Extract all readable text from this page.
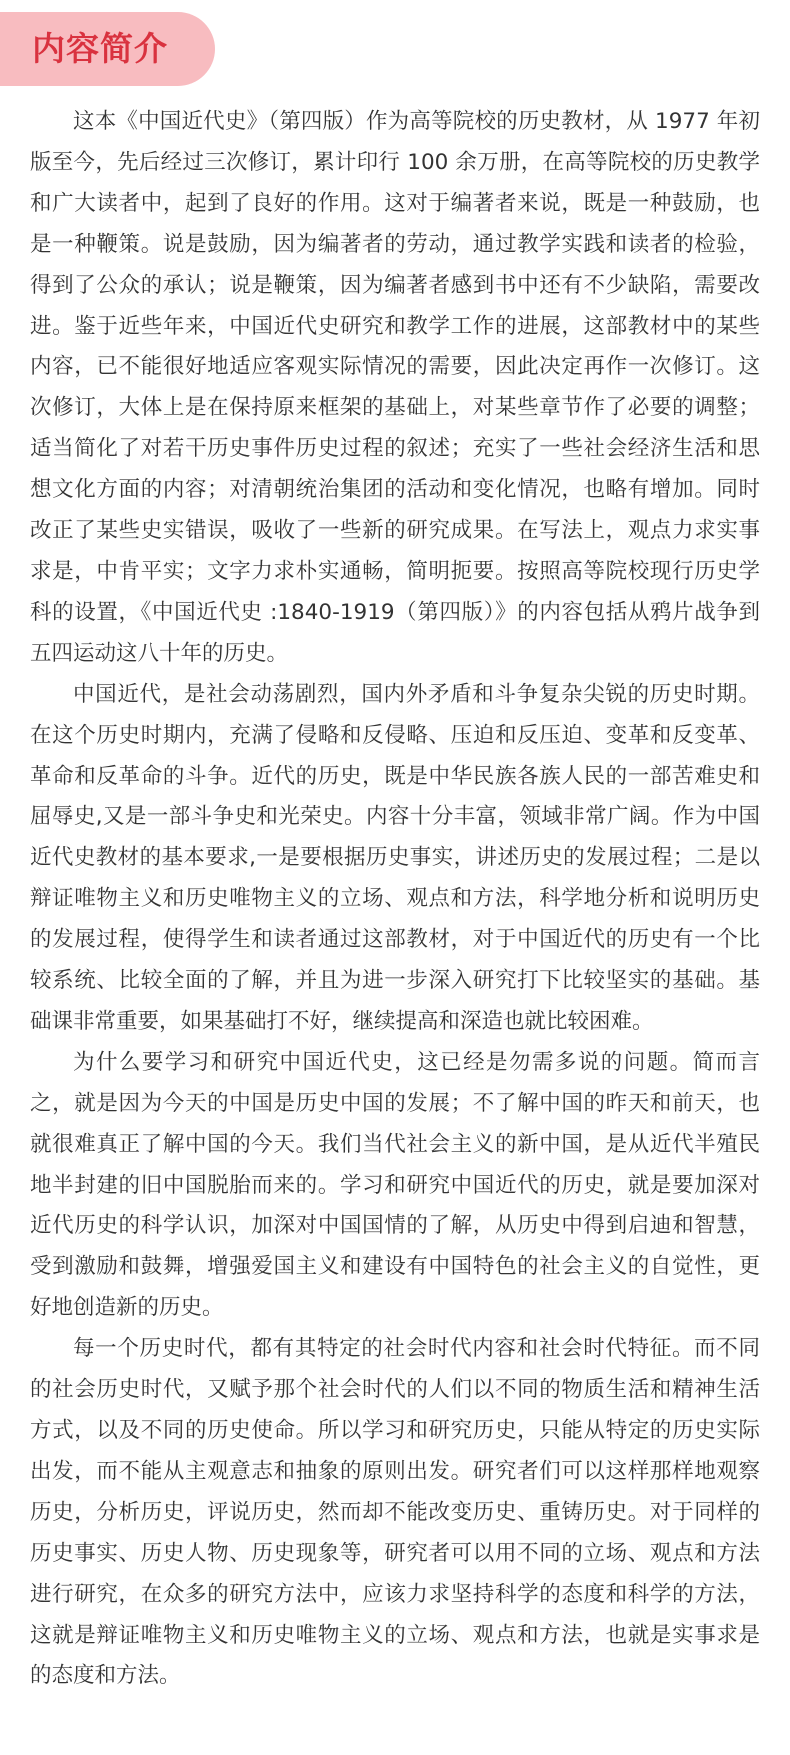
内容简介

这本《中国近代史》（第四版）作为高等院校的历史教材，从 1977 年初版至今，先后经过三次修订，累计印行 100 余万册，在高等院校的历史教学和广大读者中，起到了良好的作用。这对于编著者来说，既是一种鼓励，也是一种鞭策。说是鼓励，因为编著者的劳动，通过教学实践和读者的检验，得到了公众的承认；说是鞭策，因为编著者感到书中还有不少缺陷，需要改进。鉴于近些年来，中国近代史研究和教学工作的进展，这部教材中的某些内容，已不能很好地适应客观实际情况的需要，因此决定再作一次修订。这次修订，大体上是在保持原来框架的基础上，对某些章节作了必要的调整；适当简化了对若干历史事件历史过程的叙述；充实了一些社会经济生活和思想文化方面的内容；对清朝统治集团的活动和变化情况，也略有增加。同时改正了某些史实错误，吸收了一些新的研究成果。在写法上，观点力求实事求是，中肯平实；文字力求朴实通畅，简明扼要。按照高等院校现行历史学科的设置，《中国近代史 :1840-1919（第四版）》的内容包括从鸦片战争到五四运动这八十年的历史。

中国近代，是社会动荡剧烈，国内外矛盾和斗争复杂尖锐的历史时期。在这个历史时期内，充满了侵略和反侵略、压迫和反压迫、变革和反变革、革命和反革命的斗争。近代的历史，既是中华民族各族人民的一部苦难史和屈辱史,又是一部斗争史和光荣史。内容十分丰富，领域非常广阔。作为中国近代史教材的基本要求,一是要根据历史事实，讲述历史的发展过程；二是以辩证唯物主义和历史唯物主义的立场、观点和方法，科学地分析和说明历史的发展过程，使得学生和读者通过这部教材，对于中国近代的历史有一个比较系统、比较全面的了解，并且为进一步深入研究打下比较坚实的基础。基础课非常重要，如果基础打不好，继续提高和深造也就比较困难。

为什么要学习和研究中国近代史，这已经是勿需多说的问题。简而言之，就是因为今天的中国是历史中国的发展；不了解中国的昨天和前天，也就很难真正了解中国的今天。我们当代社会主义的新中国，是从近代半殖民地半封建的旧中国脱胎而来的。学习和研究中国近代的历史，就是要加深对近代历史的科学认识，加深对中国国情的了解，从历史中得到启迪和智慧，受到激励和鼓舞，增强爱国主义和建设有中国特色的社会主义的自觉性，更好地创造新的历史。

每一个历史时代，都有其特定的社会时代内容和社会时代特征。而不同的社会历史时代，又赋予那个社会时代的人们以不同的物质生活和精神生活方式，以及不同的历史使命。所以学习和研究历史，只能从特定的历史实际出发，而不能从主观意志和抽象的原则出发。研究者们可以这样那样地观察历史，分析历史，评说历史，然而却不能改变历史、重铸历史。对于同样的历史事实、历史人物、历史现象等，研究者可以用不同的立场、观点和方法进行研究，在众多的研究方法中，应该力求坚持科学的态度和科学的方法，这就是辩证唯物主义和历史唯物主义的立场、观点和方法，也就是实事求是的态度和方法。
